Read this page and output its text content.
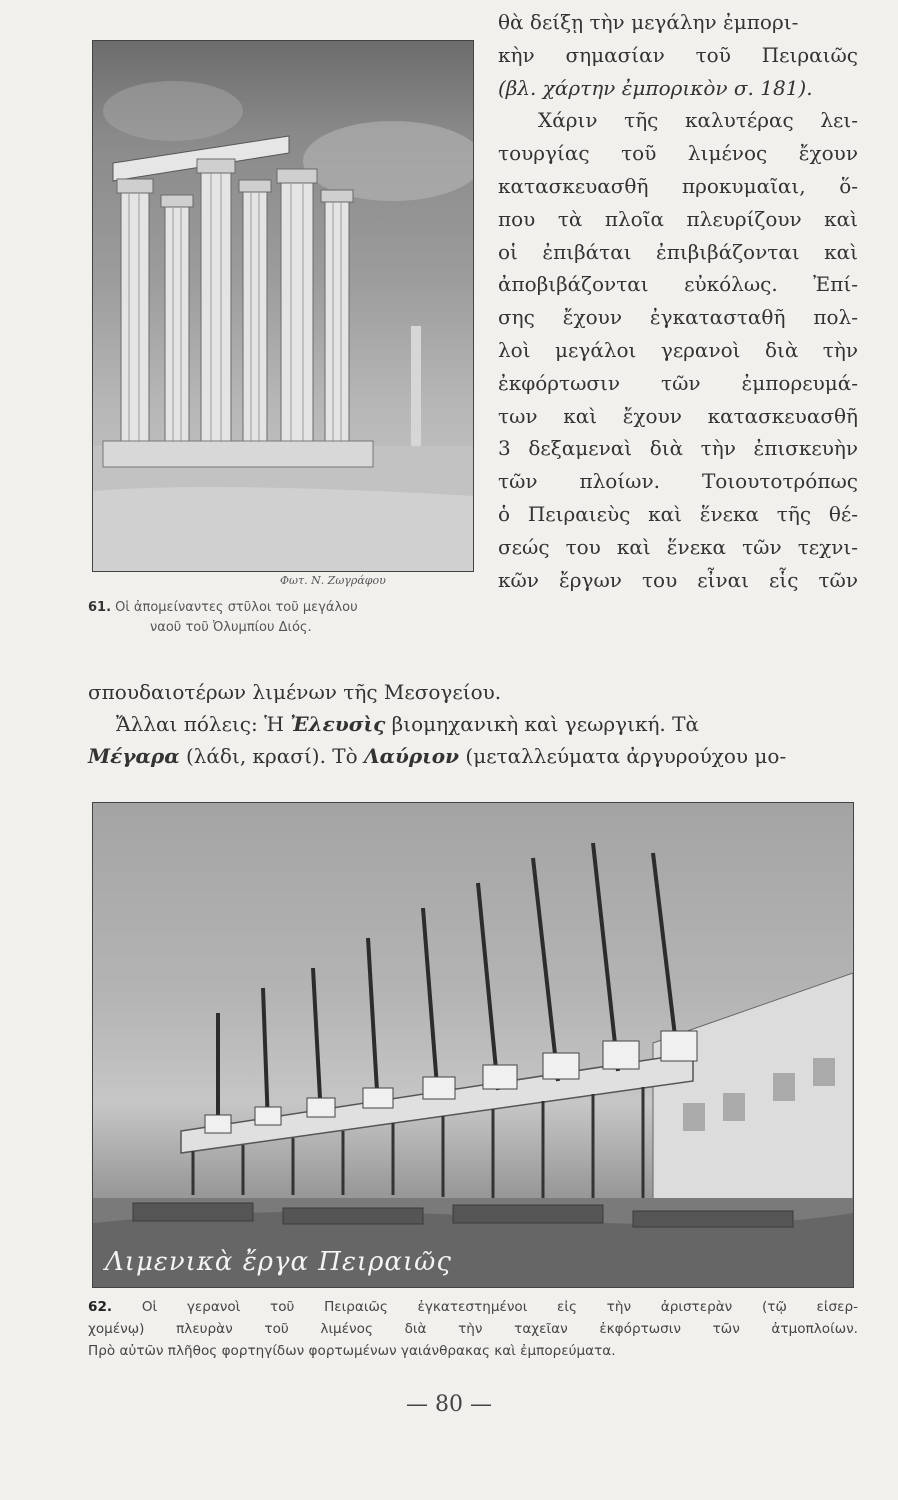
Φωτ. Ν. Ζωγράφου
61. Οἱ ἀπομείναντες στῦλοι τοῦ μεγάλου
ναοῦ τοῦ Ὀλυμπίου Διός.
θὰ δείξῃ τὴν μεγάλην ἐμπορι-
κὴν σημασίαν τοῦ Πειραιῶς
(βλ. χάρτην ἐμπορικὸν σ. 181).
Χάριν τῆς καλυτέρας λει-
τουργίας τοῦ λιμένος ἔχουν
κατασκευασθῆ προκυμαῖαι, ὅ-
που τὰ πλοῖα πλευρίζουν καὶ
οἱ ἐπιβάται ἐπιβιβάζονται καὶ
ἀποβιβάζονται εὐκόλως. Ἐπί-
σης ἔχουν ἐγκατασταθῆ πολ-
λοὶ μεγάλοι γερανοὶ διὰ τὴν
ἐκφόρτωσιν τῶν ἐμπορευμά-
των καὶ ἔχουν κατασκευασθῆ
3 δεξαμεναὶ διὰ τὴν ἐπισκευὴν
τῶν πλοίων. Τοιουτοτρόπως
ὁ Πειραιεὺς καὶ ἕνεκα τῆς θέ-
σεώς του καὶ ἕνεκα τῶν τεχνι-
κῶν ἔργων του εἶναι εἷς τῶν
σπουδαιοτέρων λιμένων τῆς Μεσογείου.
Ἄλλαι πόλεις: Ἡ Ἐλευσὶς βιομηχανικὴ καὶ γεωργική. Τὰ
Μέγαρα (λάδι, κρασί). Τὸ Λαύριον (μεταλλεύματα ἀργυρούχου μο-
Λιμενικὰ ἔργα Πειραιῶς
62. Οἱ γερανοὶ τοῦ Πειραιῶς ἐγκατεστημένοι εἰς τὴν ἀριστερὰν (τῷ εἰσερ-
χομένῳ) πλευρὰν τοῦ λιμένος διὰ τὴν ταχεῖαν ἐκφόρτωσιν τῶν ἀτμοπλοίων.
Πρὸ αὐτῶν πλῆθος φορτηγίδων φορτωμένων γαιάνθρακας καὶ ἐμπορεύματα.
— 80 —
